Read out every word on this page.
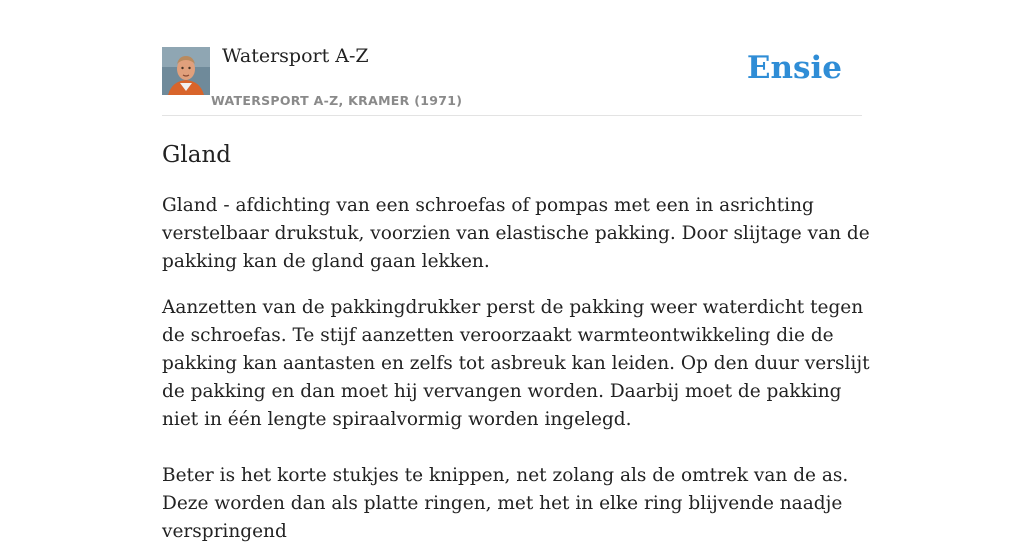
Watersport A-Z
WATERSPORT A-Z, KRAMER (1971)
Ensie
Gland

Gland - afdichting van een schroefas of pompas met een in asrichting verstelbaar drukstuk, voorzien van elastische pakking. Door slijtage van de pakking kan de gland gaan lekken.

Aanzetten van de pakkingdrukker perst de pakking weer waterdicht tegen de schroefas. Te stijf aanzetten veroorzaakt warmteontwikkeling die de pakking kan aantasten en zelfs tot asbreuk kan leiden. Op den duur verslijt de pakking en dan moet hij vervangen worden. Daarbij moet de pakking niet in één lengte spiraalvormig worden ingelegd.

Beter is het korte stukjes te knippen, net zolang als de omtrek van de as. Deze worden dan als platte ringen, met het in elke ring blijvende naadje verspringend
